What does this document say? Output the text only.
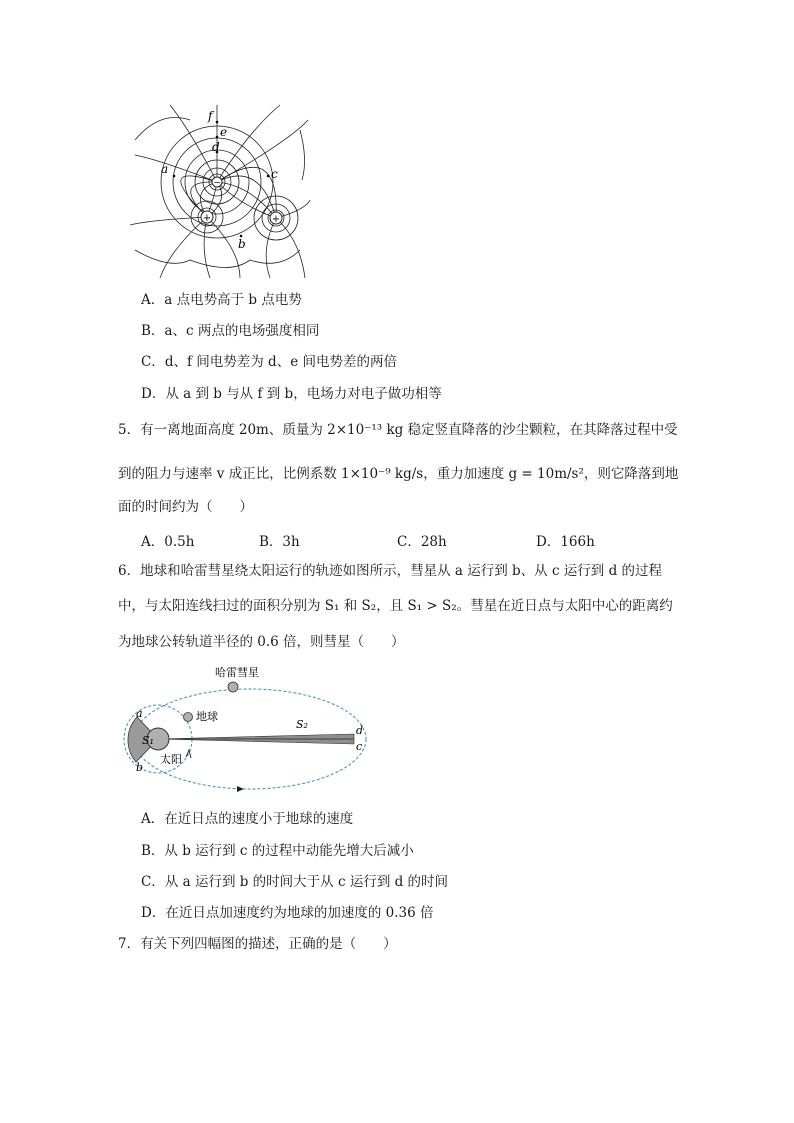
−
+	+
f
e
d
a	c
b
A．a 点电势高于 b 点电势
B．a、c 两点的电场强度相同
C．d、f 间电势差为 d、e 间电势差的两倍
D．从 a 到 b 与从 f 到 b，电场力对电子做功相等
5．有一离地面高度 20m、质量为 2×10⁻¹³ kg 稳定竖直降落的沙尘颗粒，在其降落过程中受
到的阻力与速率 v 成正比，比例系数 1×10⁻⁹ kg/s，重力加速度 g = 10m/s²，则它降落到地
面的时间约为（　　）
A．0.5h	B．3h	C．28h	D．166h
6．地球和哈雷彗星绕太阳运行的轨迹如图所示，彗星从 a 运行到 b、从 c 运行到 d 的过程
中，与太阳连线扫过的面积分别为 S₁ 和 S₂，且 S₁ > S₂。彗星在近日点与太阳中心的距离约
为地球公转轨道半径的 0.6 倍，则彗星（　　）
哈雷彗星
地球
太阳
S₁
S₂
a
b
d
c
A．在近日点的速度小于地球的速度
B．从 b 运行到 c 的过程中动能先增大后减小
C．从 a 运行到 b 的时间大于从 c 运行到 d 的时间
D．在近日点加速度约为地球的加速度的 0.36 倍
7．有关下列四幅图的描述，正确的是（　　）
